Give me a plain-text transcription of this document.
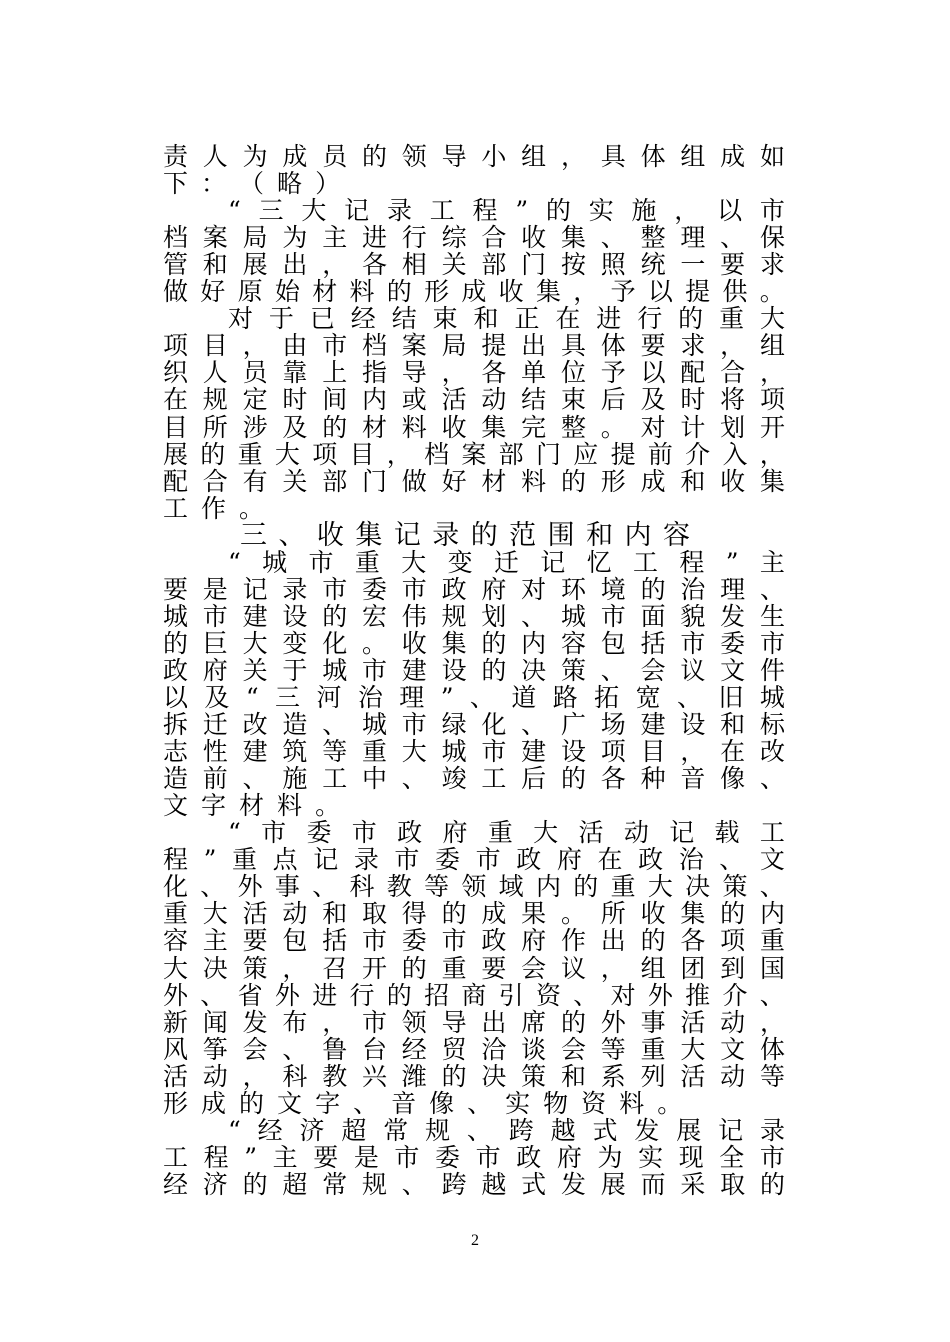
责 人 为 成 员 的 领 导 小 组 ， 具 体 组 成 如
下 ： （ 略 ）
“ 三 大 记 录 工 程 ” 的 实 施 ， 以 市
档 案 局 为 主 进 行 综 合 收 集 、 整 理 、 保
管 和 展 出 ， 各 相 关 部 门 按 照 统 一 要 求
做 好 原 始 材 料 的 形 成 收 集 ， 予 以 提 供 。
对 于 已 经 结 束 和 正 在 进 行 的 重 大
项 目 ， 由 市 档 案 局 提 出 具 体 要 求 ， 组
织 人 员 靠 上 指 导 ， 各 单 位 予 以 配 合 ，
在 规 定 时 间 内 或 活 动 结 束 后 及 时 将 项
目 所 涉 及 的 材 料 收 集 完 整 。 对 计 划 开
展 的 重 大 项 目 ， 档 案 部 门 应 提 前 介 入 ，
配 合 有 关 部 门 做 好 材 料 的 形 成 和 收 集
工 作 。
三 、 收 集 记 录 的 范 围 和 内 容
“ 城 市 重 大 变 迁 记 忆 工 程 ” 主
要 是 记 录 市 委 市 政 府 对 环 境 的 治 理 、
城 市 建 设 的 宏 伟 规 划 、 城 市 面 貌 发 生
的 巨 大 变 化 。 收 集 的 内 容 包 括 市 委 市
政 府 关 于 城 市 建 设 的 决 策 、 会 议 文 件
以 及 “ 三 河 治 理 ” 、 道 路 拓 宽 、 旧 城
拆 迁 改 造 、 城 市 绿 化 、 广 场 建 设 和 标
志 性 建 筑 等 重 大 城 市 建 设 项 目 ， 在 改
造 前 、 施 工 中 、 竣 工 后 的 各 种 音 像 、
文 字 材 料 。
“ 市 委 市 政 府 重 大 活 动 记 载 工
程 ” 重 点 记 录 市 委 市 政 府 在 政 治 、 文
化 、 外 事 、 科 教 等 领 域 内 的 重 大 决 策 、
重 大 活 动 和 取 得 的 成 果 。 所 收 集 的 内
容 主 要 包 括 市 委 市 政 府 作 出 的 各 项 重
大 决 策 ， 召 开 的 重 要 会 议 ， 组 团 到 国
外 、 省 外 进 行 的 招 商 引 资 、 对 外 推 介 、
新 闻 发 布 ， 市 领 导 出 席 的 外 事 活 动 ，
风 筝 会 、 鲁 台 经 贸 洽 谈 会 等 重 大 文 体
活 动 ， 科 教 兴 潍 的 决 策 和 系 列 活 动 等
形 成 的 文 字 、 音 像 、 实 物 资 料 。
“ 经 济 超 常 规 、 跨 越 式 发 展 记 录
工 程 ” 主 要 是 市 委 市 政 府 为 实 现 全 市
经 济 的 超 常 规 、 跨 越 式 发 展 而 采 取 的
2
